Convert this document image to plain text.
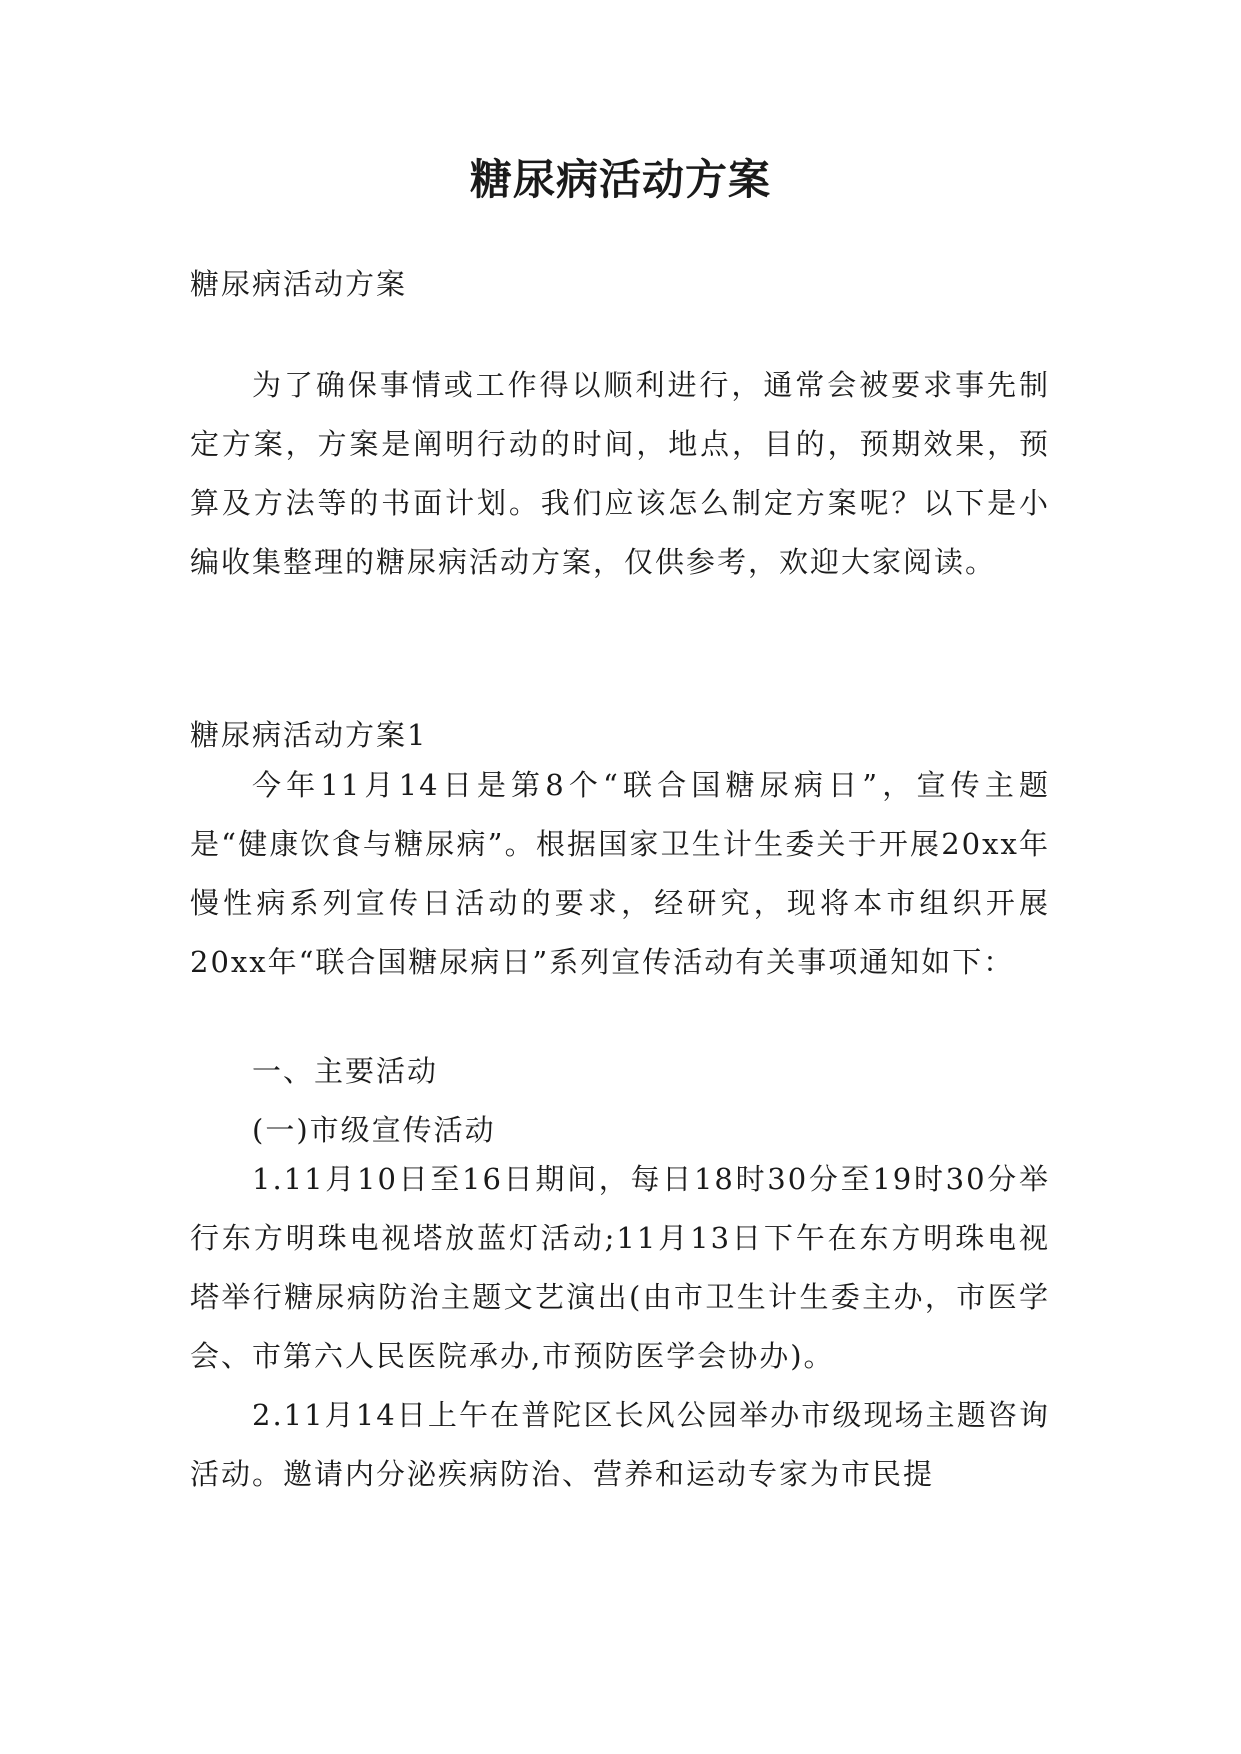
糖尿病活动方案
糖尿病活动方案

为了确保事情或工作得以顺利进行，通常会被要求事先制定方案，方案是阐明行动的时间，地点，目的，预期效果，预算及方法等的书面计划。我们应该怎么制定方案呢？以下是小编收集整理的糖尿病活动方案，仅供参考，欢迎大家阅读。

糖尿病活动方案1

今年11月14日是第8个“联合国糖尿病日”，宣传主题是“健康饮食与糖尿病”。根据国家卫生计生委关于开展20xx年慢性病系列宣传日活动的要求，经研究，现将本市组织开展20xx年“联合国糖尿病日”系列宣传活动有关事项通知如下：

一、主要活动
(一)市级宣传活动

1.11月10日至16日期间，每日18时30分至19时30分举行东方明珠电视塔放蓝灯活动;11月13日下午在东方明珠电视塔举行糖尿病防治主题文艺演出(由市卫生计生委主办，市医学会、市第六人民医院承办,市预防医学会协办)。

2.11月14日上午在普陀区长风公园举办市级现场主题咨询活动。邀请内分泌疾病防治、营养和运动专家为市民提
